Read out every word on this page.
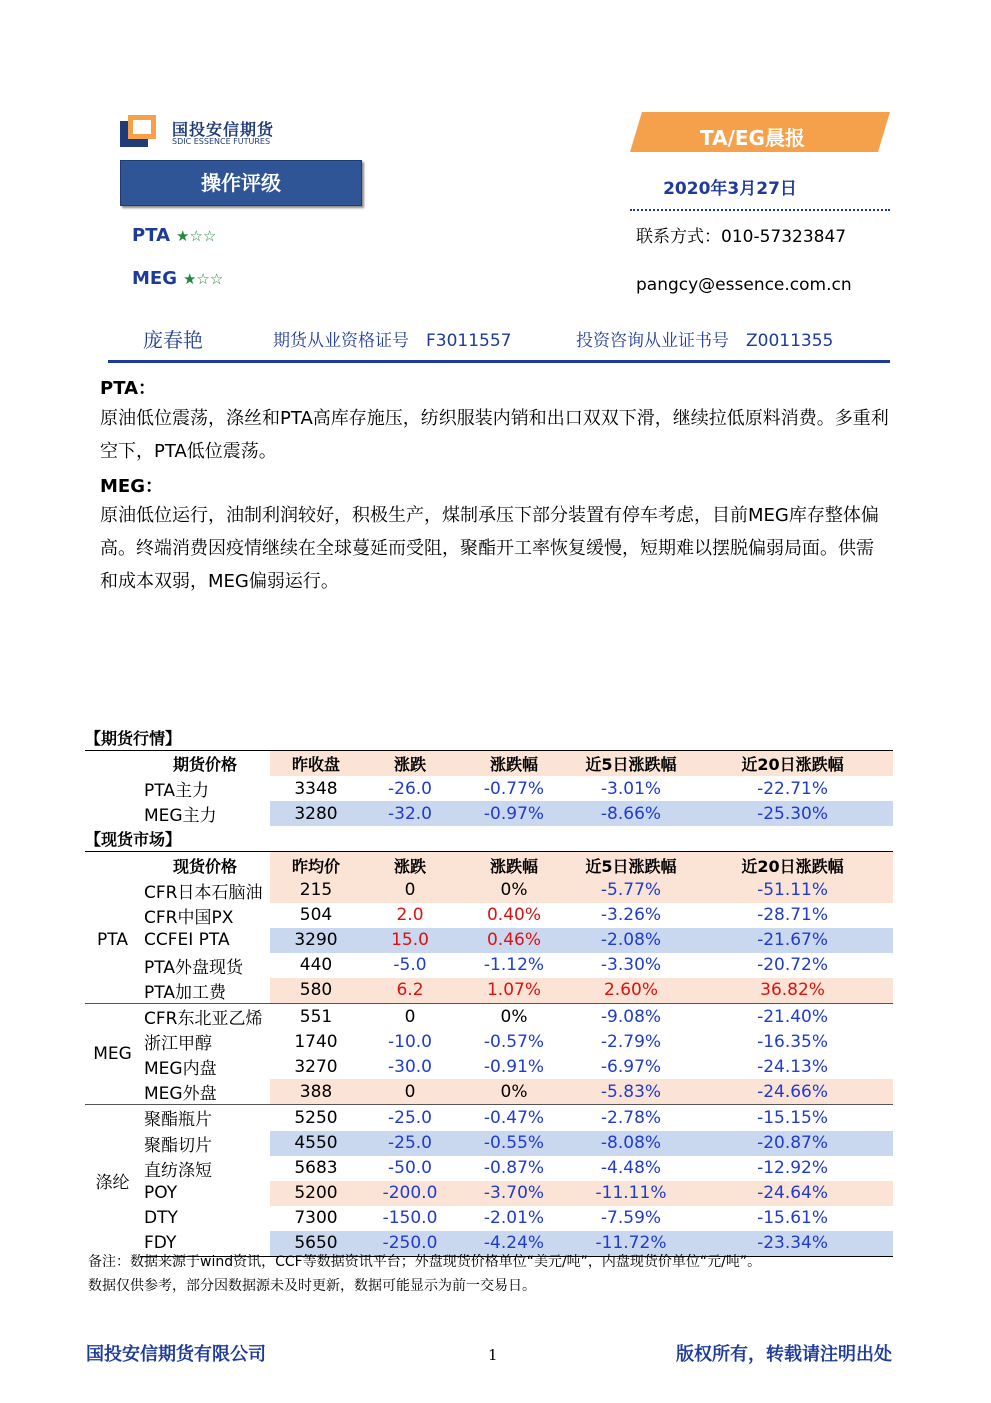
国投安信期货
SDIC ESSENCE FUTURES	TA/EG晨报
操作评级	2020年3月27日
联系方式：010-57323847
pangcy@essence.com.cn
PTA ★☆☆
MEG ★☆☆
庞春艳	期货从业资格证号　F3011557	投资咨询从业证书号　Z0011355
PTA：
原油低位震荡，涤丝和PTA高库存施压，纺织服装内销和出口双双下滑，继续拉低原料消费。多重利空下，PTA低位震荡。
MEG：
原油低位运行，油制利润较好，积极生产，煤制承压下部分装置有停车考虑，目前MEG库存整体偏高。终端消费因疫情继续在全球蔓延而受阻，聚酯开工率恢复缓慢，短期难以摆脱偏弱局面。供需和成本双弱，MEG偏弱运行。
【期货行情】						
	期货价格	昨收盘	涨跌	涨跌幅	近5日涨跌幅	近20日涨跌幅
	PTA主力	3348	-26.0	-0.77%	-3.01%	-22.71%
	MEG主力	3280	-32.0	-0.97%	-8.66%	-25.30%
【现货市场】						
	现货价格	昨均价	涨跌	涨跌幅	近5日涨跌幅	近20日涨跌幅
PTA	CFR日本石脑油	215	0	0%	-5.77%	-51.11%
	CFR中国PX	504	2.0	0.40%	-3.26%	-28.71%
	CCFEI PTA	3290	15.0	0.46%	-2.08%	-21.67%
	PTA外盘现货	440	-5.0	-1.12%	-3.30%	-20.72%
	PTA加工费	580	6.2	1.07%	2.60%	36.82%
MEG	CFR东北亚乙烯	551	0	0%	-9.08%	-21.40%
	浙江甲醇	1740	-10.0	-0.57%	-2.79%	-16.35%
	MEG内盘	3270	-30.0	-0.91%	-6.97%	-24.13%
	MEG外盘	388	0	0%	-5.83%	-24.66%
涤纶	聚酯瓶片	5250	-25.0	-0.47%	-2.78%	-15.15%
	聚酯切片	4550	-25.0	-0.55%	-8.08%	-20.87%
	直纺涤短	5683	-50.0	-0.87%	-4.48%	-12.92%
	POY	5200	-200.0	-3.70%	-11.11%	-24.64%
	DTY	7300	-150.0	-2.01%	-7.59%	-15.61%
	FDY	5650	-250.0	-4.24%	-11.72%	-23.34%
备注：数据来源于wind资讯，CCF等数据资讯平台；外盘现货价格单位“美元/吨”，内盘现货价单位“元/吨”。
数据仅供参考，部分因数据源未及时更新，数据可能显示为前一交易日。
国投安信期货有限公司	1	版权所有，转载请注明出处
